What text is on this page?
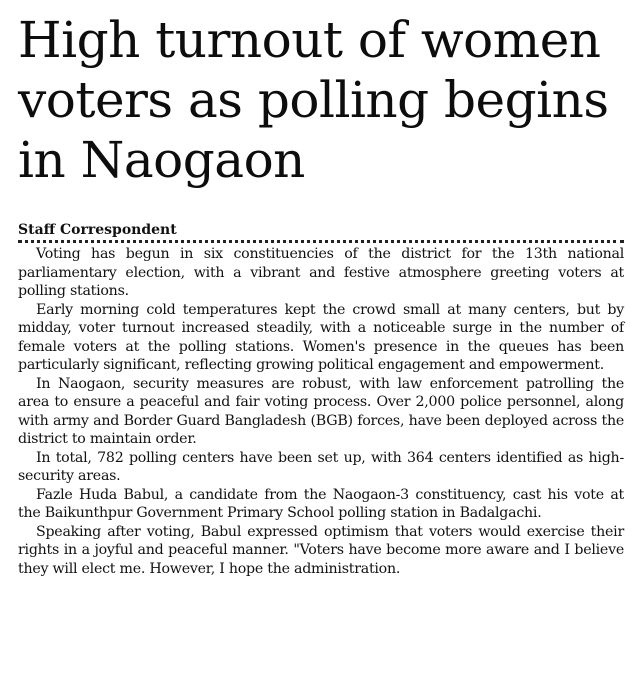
High turnout of women voters as polling begins in Naogaon
Staff Correspondent

Voting has begun in six constituencies of the district for the 13th national parliamentary election, with a vibrant and festive atmosphere greeting voters at polling stations.

Early morning cold temperatures kept the crowd small at many centers, but by midday, voter turnout increased steadily, with a noticeable surge in the number of female voters at the polling stations. Women's presence in the queues has been particularly significant, reflecting growing political engagement and empowerment.

In Naogaon, security measures are robust, with law enforcement patrolling the area to ensure a peaceful and fair voting process. Over 2,000 police personnel, along with army and Border Guard Bangladesh (BGB) forces, have been deployed across the district to maintain order.

In total, 782 polling centers have been set up, with 364 centers identified as high-security areas.

Fazle Huda Babul, a candidate from the Naogaon-3 constituency, cast his vote at the Baikunthpur Government Primary School polling station in Badalgachi.

Speaking after voting, Babul expressed optimism that voters would exercise their rights in a joyful and peaceful manner. "Voters have become more aware and I believe they will elect me. However, I hope the administration.
